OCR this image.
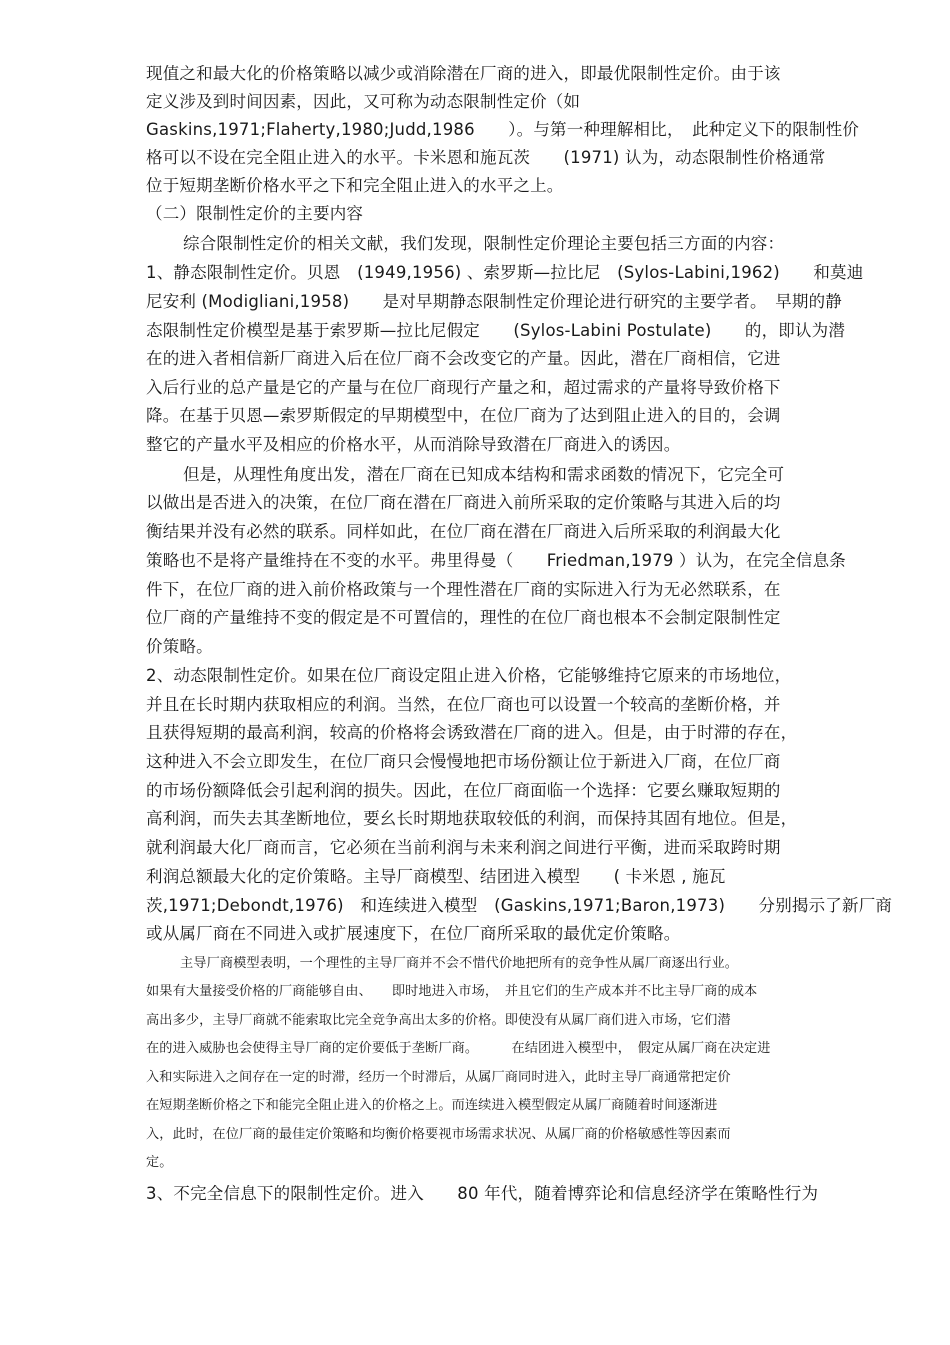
现值之和最大化的价格策略以减少或消除潜在厂商的进入，即最优限制性定价。由于该
定义涉及到时间因素，因此，又可称为动态限制性定价（如
Gaskins,1971;Flaherty,1980;Judd,1986　　）。与第一种理解相比，　此种定义下的限制性价
格可以不设在完全阻止进入的水平。卡米恩和施瓦茨　　(1971) 认为，动态限制性价格通常
位于短期垄断价格水平之下和完全阻止进入的水平之上。
（二）限制性定价的主要内容
综合限制性定价的相关文献，我们发现，限制性定价理论主要包括三方面的内容：
1、静态限制性定价。贝恩　(1949,1956) 、索罗斯—拉比尼　(Sylos-Labini,1962)　　和莫迪
尼安利 (Modigliani,1958)　　是对早期静态限制性定价理论进行研究的主要学者。　早期的静
态限制性定价模型是基于索罗斯—拉比尼假定　　(Sylos-Labini Postulate)　　的，即认为潜
在的进入者相信新厂商进入后在位厂商不会改变它的产量。因此，潜在厂商相信，它进
入后行业的总产量是它的产量与在位厂商现行产量之和，超过需求的产量将导致价格下
降。在基于贝恩—索罗斯假定的早期模型中，在位厂商为了达到阻止进入的目的，会调
整它的产量水平及相应的价格水平，从而消除导致潜在厂商进入的诱因。
但是，从理性角度出发，潜在厂商在已知成本结构和需求函数的情况下，它完全可
以做出是否进入的决策，在位厂商在潜在厂商进入前所采取的定价策略与其进入后的均
衡结果并没有必然的联系。同样如此，在位厂商在潜在厂商进入后所采取的利润最大化
策略也不是将产量维持在不变的水平。弗里得曼（　　Friedman,1979 ）认为，在完全信息条
件下，在位厂商的进入前价格政策与一个理性潜在厂商的实际进入行为无必然联系，在
位厂商的产量维持不变的假定是不可置信的，理性的在位厂商也根本不会制定限制性定
价策略。
2、动态限制性定价。如果在位厂商设定阻止进入价格，它能够维持它原来的市场地位，
并且在长时期内获取相应的利润。当然，在位厂商也可以设置一个较高的垄断价格，并
且获得短期的最高利润，较高的价格将会诱致潜在厂商的进入。但是，由于时滞的存在，
这种进入不会立即发生，在位厂商只会慢慢地把市场份额让位于新进入厂商，在位厂商
的市场份额降低会引起利润的损失。因此，在位厂商面临一个选择：它要幺赚取短期的
高利润，而失去其垄断地位，要幺长时期地获取较低的利润，而保持其固有地位。但是，
就利润最大化厂商而言，它必须在当前利润与未来利润之间进行平衡，进而采取跨时期
利润总额最大化的定价策略。主导厂商模型、结团进入模型　　( 卡米恩 , 施瓦
茨,1971;Debondt,1976)　和连续进入模型　(Gaskins,1971;Baron,1973)　　分别揭示了新厂商
或从属厂商在不同进入或扩展速度下，在位厂商所采取的最优定价策略。
主导厂商模型表明，一个理性的主导厂商并不会不惜代价地把所有的竞争性从属厂商逐出行业。
如果有大量接受价格的厂商能够自由、　　即时地进入市场，　并且它们的生产成本并不比主导厂商的成本
高出多少，主导厂商就不能索取比完全竞争高出太多的价格。即使没有从属厂商们进入市场，它们潜
在的进入威胁也会使得主导厂商的定价要低于垄断厂商。　　　在结团进入模型中，　假定从属厂商在决定进
入和实际进入之间存在一定的时滞，经历一个时滞后，从属厂商同时进入，此时主导厂商通常把定价
在短期垄断价格之下和能完全阻止进入的价格之上。而连续进入模型假定从属厂商随着时间逐渐进
入，此时，在位厂商的最佳定价策略和均衡价格要视市场需求状况、从属厂商的价格敏感性等因素而
定。
3、不完全信息下的限制性定价。进入　　80 年代，随着博弈论和信息经济学在策略性行为
